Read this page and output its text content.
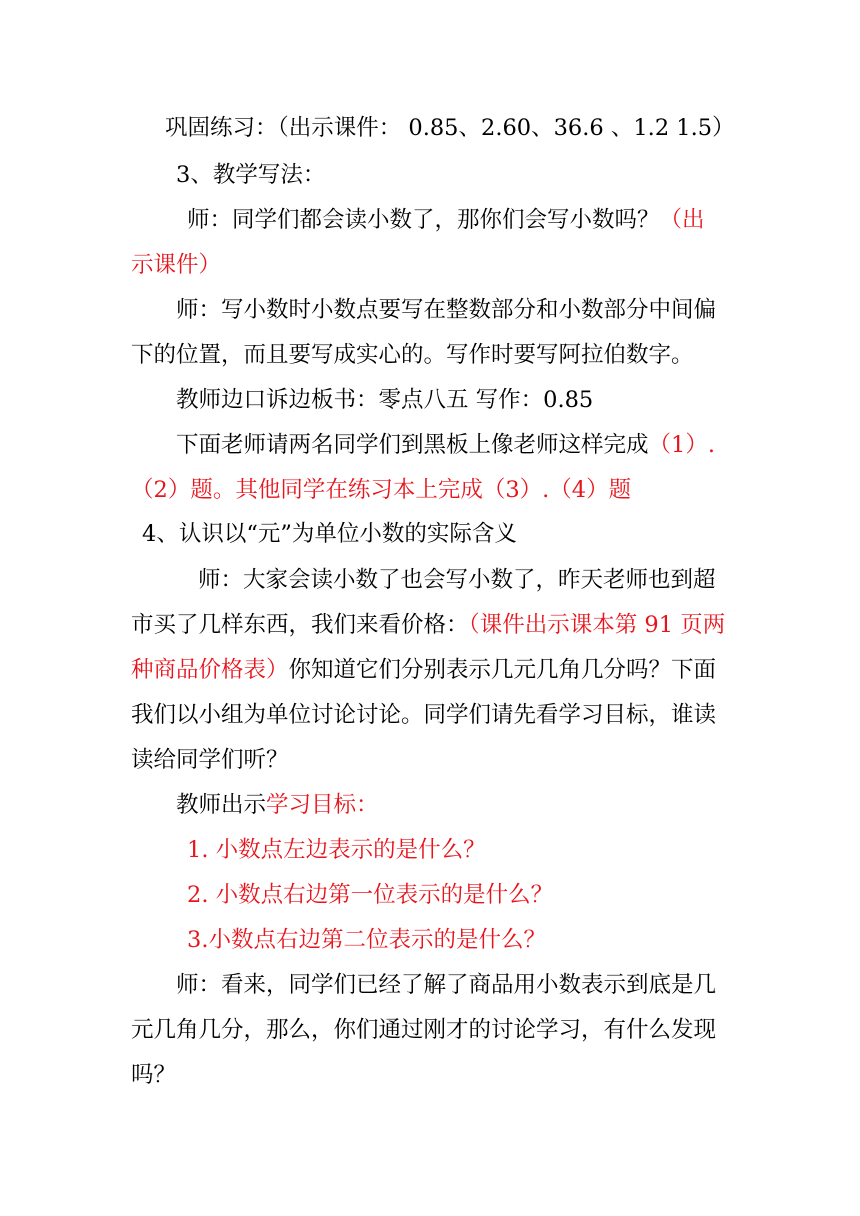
巩固练习：（出示课件： 0.85、2.60、36.6 、1.2 1.5）
3、教学写法：
师：同学们都会读小数了，那你们会写小数吗？（出
示课件）
师：写小数时小数点要写在整数部分和小数部分中间偏
下的位置，而且要写成实心的。写作时要写阿拉伯数字。
教师边口诉边板书：零点八五 写作：0.85
下面老师请两名同学们到黑板上像老师这样完成（1）.
（2）题。其他同学在练习本上完成（3）.（4）题
4、认识以“元”为单位小数的实际含义
师：大家会读小数了也会写小数了，昨天老师也到超
市买了几样东西，我们来看价格：（课件出示课本第 91 页两
种商品价格表）你知道它们分别表示几元几角几分吗？下面
我们以小组为单位讨论讨论。同学们请先看学习目标，谁读
读给同学们听？
教师出示学习目标：
1. 小数点左边表示的是什么？
2. 小数点右边第一位表示的是什么？
3.小数点右边第二位表示的是什么？
师：看来，同学们已经了解了商品用小数表示到底是几
元几角几分，那么，你们通过刚才的讨论学习，有什么发现
吗？
